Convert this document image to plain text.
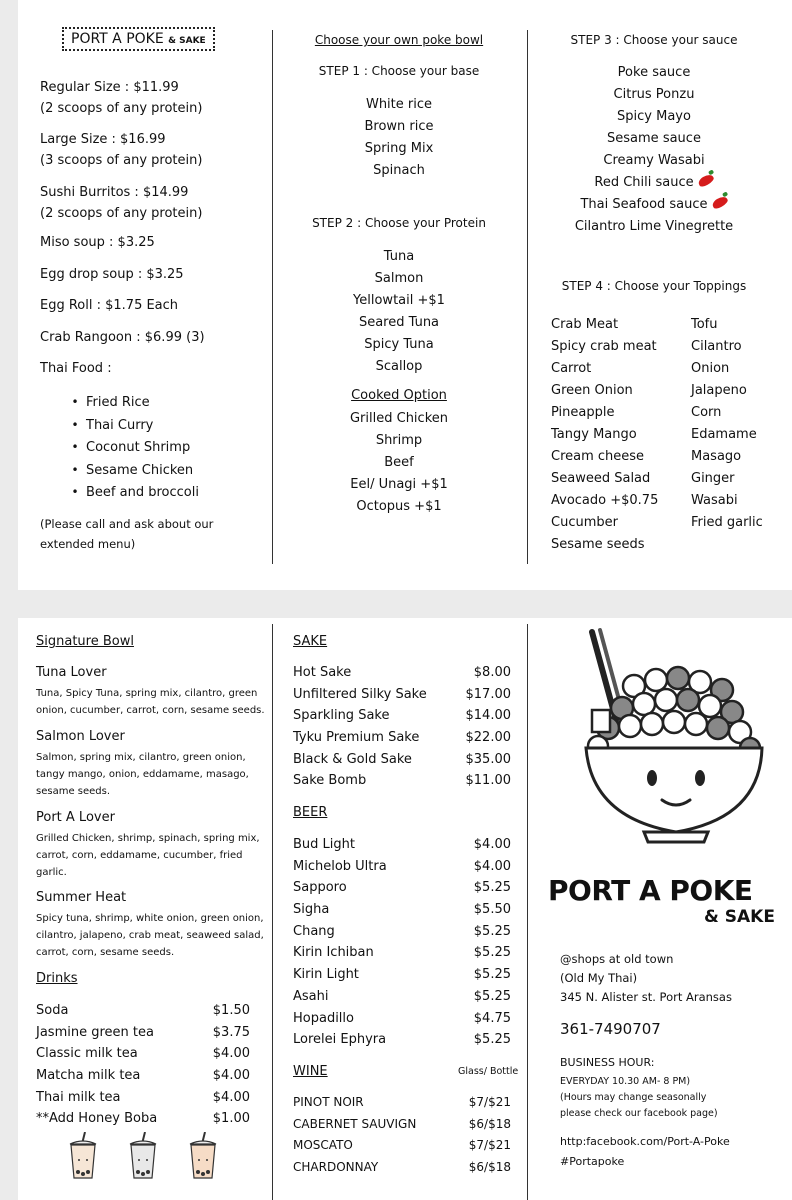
PORT A POKE & SAKE
Regular Size : $11.99
(2 scoops of any protein)
Large Size : $16.99
(3 scoops of any protein)
Sushi Burritos : $14.99
(2 scoops of any protein)
Miso soup : $3.25
Egg drop soup : $3.25
Egg Roll : $1.75 Each
Crab Rangoon : $6.99 (3)
Thai Food :
• Fried Rice
• Thai Curry
• Coconut Shrimp
• Sesame Chicken
• Beef and broccoli
(Please call and ask about our
extended menu)
Choose your own poke bowl
STEP 1 : Choose your base
White rice
Brown rice
Spring Mix
Spinach
STEP 2 : Choose your Protein
Tuna
Salmon
Yellowtail +$1
Seared Tuna
Spicy Tuna
Scallop
Cooked Option
Grilled Chicken
Shrimp
Beef
Eel/ Unagi +$1
Octopus +$1
STEP 3 : Choose your sauce
Poke sauce
Citrus Ponzu
Spicy Mayo
Sesame sauce
Creamy Wasabi
Red Chili sauce
Thai Seafood sauce
Cilantro Lime Vinegrette
STEP 4 : Choose your Toppings
Crab Meat
Spicy crab meat
Carrot
Green Onion
Pineapple
Tangy Mango
Cream cheese
Seaweed Salad
Avocado +$0.75
Cucumber
Sesame seeds
Tofu
Cilantro
Onion
Jalapeno
Corn
Edamame
Masago
Ginger
Wasabi
Fried garlic
Signature Bowl
Tuna Lover
Tuna, Spicy Tuna, spring mix, cilantro, green onion, cucumber, carrot, corn, sesame seeds.
Salmon Lover
Salmon, spring mix, cilantro, green onion, tangy mango, onion, eddamame, masago, sesame seeds.
Port A Lover
Grilled Chicken, shrimp, spinach, spring mix, carrot, corn, eddamame, cucumber, fried garlic.
Summer Heat
Spicy tuna, shrimp, white onion, green onion, cilantro, jalapeno, crab meat, seaweed salad, carrot, corn, sesame seeds.
Drinks
Soda	$1.50
Jasmine green tea	$3.75
Classic milk tea	$4.00
Matcha milk tea	$4.00
Thai milk tea	$4.00
**Add Honey Boba	$1.00
SAKE
Hot Sake	$8.00
Unfiltered Silky Sake	$17.00
Sparkling Sake	$14.00
Tyku Premium Sake	$22.00
Black & Gold Sake	$35.00
Sake Bomb	$11.00
BEER
Bud Light	$4.00
Michelob Ultra	$4.00
Sapporo	$5.25
Sigha	$5.50
Chang	$5.25
Kirin Ichiban	$5.25
Kirin Light	$5.25
Asahi	$5.25
Hopadillo	$4.75
Lorelei Ephyra	$5.25
WINE	Glass/ Bottle
PINOT NOIR	$7/$21
CABERNET SAUVIGN	$6/$18
MOSCATO	$7/$21
CHARDONNAY	$6/$18
PORT A POKE
& SAKE
@shops at old town
(Old My Thai)
345 N. Alister st. Port Aransas
361-7490707
BUSINESS HOUR:
EVERYDAY 10.30 AM- 8 PM)
(Hours may change seasonally
please check our facebook page)
http:facebook.com/Port-A-Poke
#Portapoke
